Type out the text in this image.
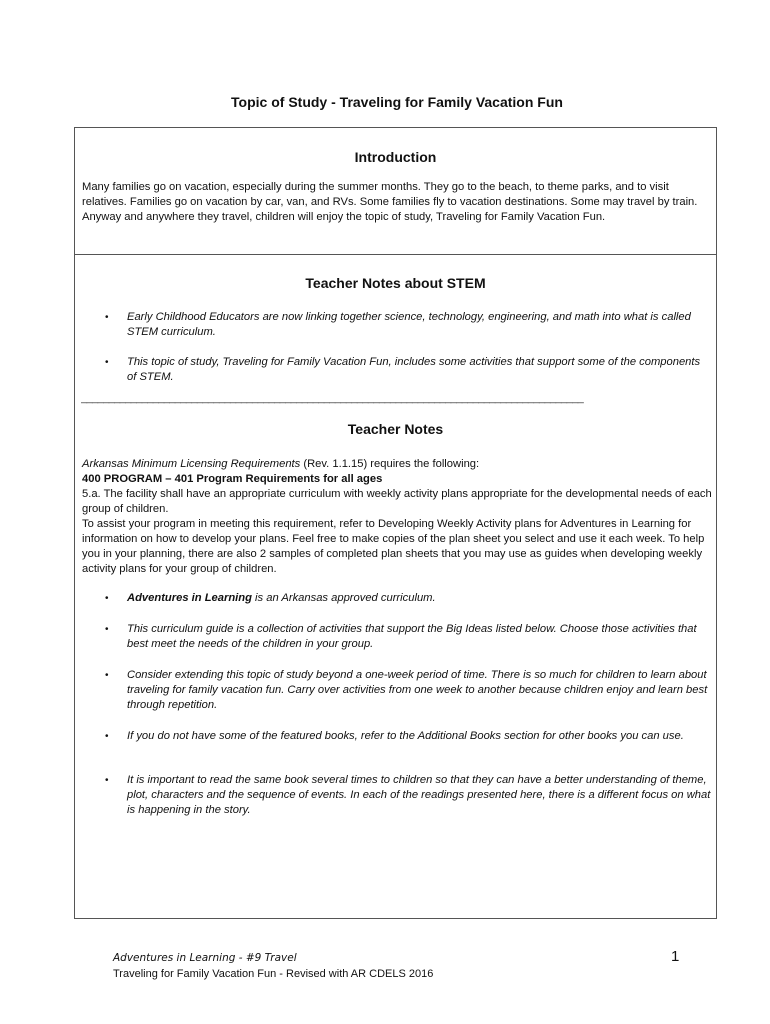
Topic of Study - Traveling for Family Vacation Fun
Introduction
Many families go on vacation, especially during the summer months. They go to the beach, to theme parks, and to visit relatives. Families go on vacation by car, van, and RVs. Some families fly to vacation destinations. Some may travel by train. Anyway and anywhere they travel, children will enjoy the topic of study, Traveling for Family Vacation Fun.
Teacher Notes about STEM
• Early Childhood Educators are now linking together science, technology, engineering, and math into what is called STEM curriculum.
• This topic of study, Traveling for Family Vacation Fun, includes some activities that support some of the components of STEM.
___________________________________________________________________________________________
Teacher Notes
Arkansas Minimum Licensing Requirements (Rev. 1.1.15) requires the following:
400 PROGRAM – 401 Program Requirements for all ages
5.a. The facility shall have an appropriate curriculum with weekly activity plans appropriate for the developmental needs of each group of children.
To assist your program in meeting this requirement, refer to Developing Weekly Activity plans for Adventures in Learning for information on how to develop your plans. Feel free to make copies of the plan sheet you select and use it each week. To help you in your planning, there are also 2 samples of completed plan sheets that you may use as guides when developing weekly activity plans for your group of children.
• Adventures in Learning is an Arkansas approved curriculum.
• This curriculum guide is a collection of activities that support the Big Ideas listed below. Choose those activities that best meet the needs of the children in your group.
• Consider extending this topic of study beyond a one-week period of time. There is so much for children to learn about traveling for family vacation fun. Carry over activities from one week to another because children enjoy and learn best through repetition.
• If you do not have some of the featured books, refer to the Additional Books section for other books you can use.
• It is important to read the same book several times to children so that they can have a better understanding of theme, plot, characters and the sequence of events. In each of the readings presented here, there is a different focus on what is happening in the story.
Adventures in Learning - #9 Travel
Traveling for Family Vacation Fun - Revised with AR CDELS 2016
1
